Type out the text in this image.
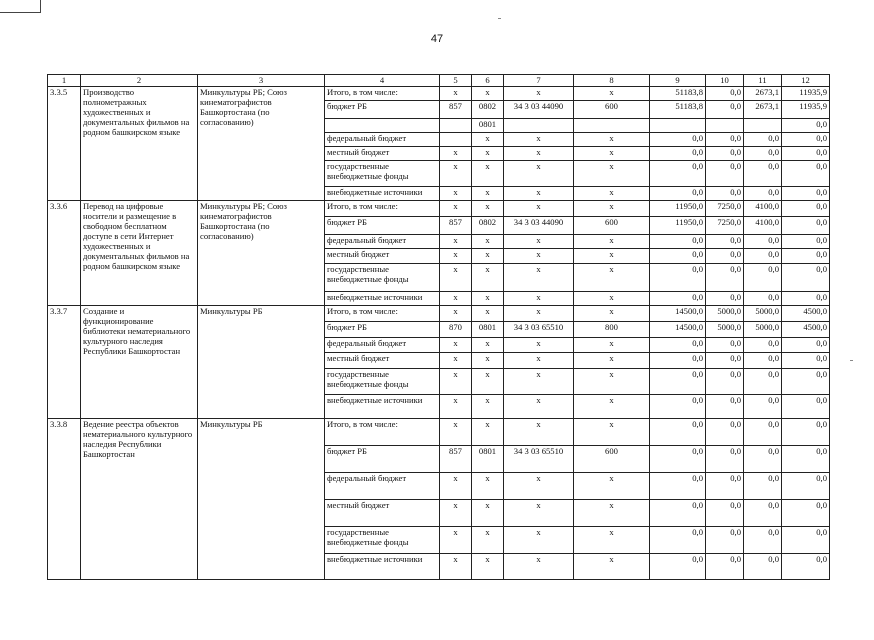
47
1	2	3	4	5	6	7	8	9	10	11	12
3.3.5	Производство полнометражных художественных и документальных фильмов на родном башкирском языке	Минкультуры РБ; Союз кинематографистов Башкортостана (по согласованию)	Итого, в том числе:	х	х	х	х	51183,8	0,0	2673,1	11935,9
			бюджет РБ	857	0802	34 3 03 44090	600	51183,8	0,0	2673,1	11935,9
					0801						0,0
			федеральный бюджет		х	х	х	0,0	0,0	0,0	0,0
			местный бюджет	х	х	х	х	0,0	0,0	0,0	0,0
			государственные внебюджетные фонды	х	х	х	х	0,0	0,0	0,0	0,0
			внебюджетные источники	х	х	х	х	0,0	0,0	0,0	0,0
3.3.6	Перевод на цифровые носители и размещение в свободном бесплатном доступе в сети Интернет художественных и документальных фильмов на родном башкирском языке	Минкультуры РБ; Союз кинематографистов Башкортостана (по согласованию)	Итого, в том числе:	х	х	х	х	11950,0	7250,0	4100,0	0,0
			бюджет РБ	857	0802	34 3 03 44090	600	11950,0	7250,0	4100,0	0,0
			федеральный бюджет	х	х	х	х	0,0	0,0	0,0	0,0
			местный бюджет	х	х	х	х	0,0	0,0	0,0	0,0
			государственные внебюджетные фонды	х	х	х	х	0,0	0,0	0,0	0,0
			внебюджетные источники	х	х	х	х	0,0	0,0	0,0	0,0
3.3.7	Создание и функционирование библиотеки нематериального культурного наследия Республики Башкортостан	Минкультуры РБ	Итого, в том числе:	х	х	х	х	14500,0	5000,0	5000,0	4500,0
			бюджет РБ	870	0801	34 3 03 65510	800	14500,0	5000,0	5000,0	4500,0
			федеральный бюджет	х	х	х	х	0,0	0,0	0,0	0,0
			местный бюджет	х	х	х	х	0,0	0,0	0,0	0,0
			государственные внебюджетные фонды	х	х	х	х	0,0	0,0	0,0	0,0
			внебюджетные источники	х	х	х	х	0,0	0,0	0,0	0,0
3.3.8	Ведение реестра объектов нематериального культурного наследия Республики Башкортостан	Минкультуры РБ	Итого, в том числе:	х	х	х	х	0,0	0,0	0,0	0,0
			бюджет РБ	857	0801	34 3 03 65510	600	0,0	0,0	0,0	0,0
			федеральный бюджет	х	х	х	х	0,0	0,0	0,0	0,0
			местный бюджет	х	х	х	х	0,0	0,0	0,0	0,0
			государственные внебюджетные фонды	х	х	х	х	0,0	0,0	0,0	0,0
			внебюджетные источники	х	х	х	х	0,0	0,0	0,0	0,0
